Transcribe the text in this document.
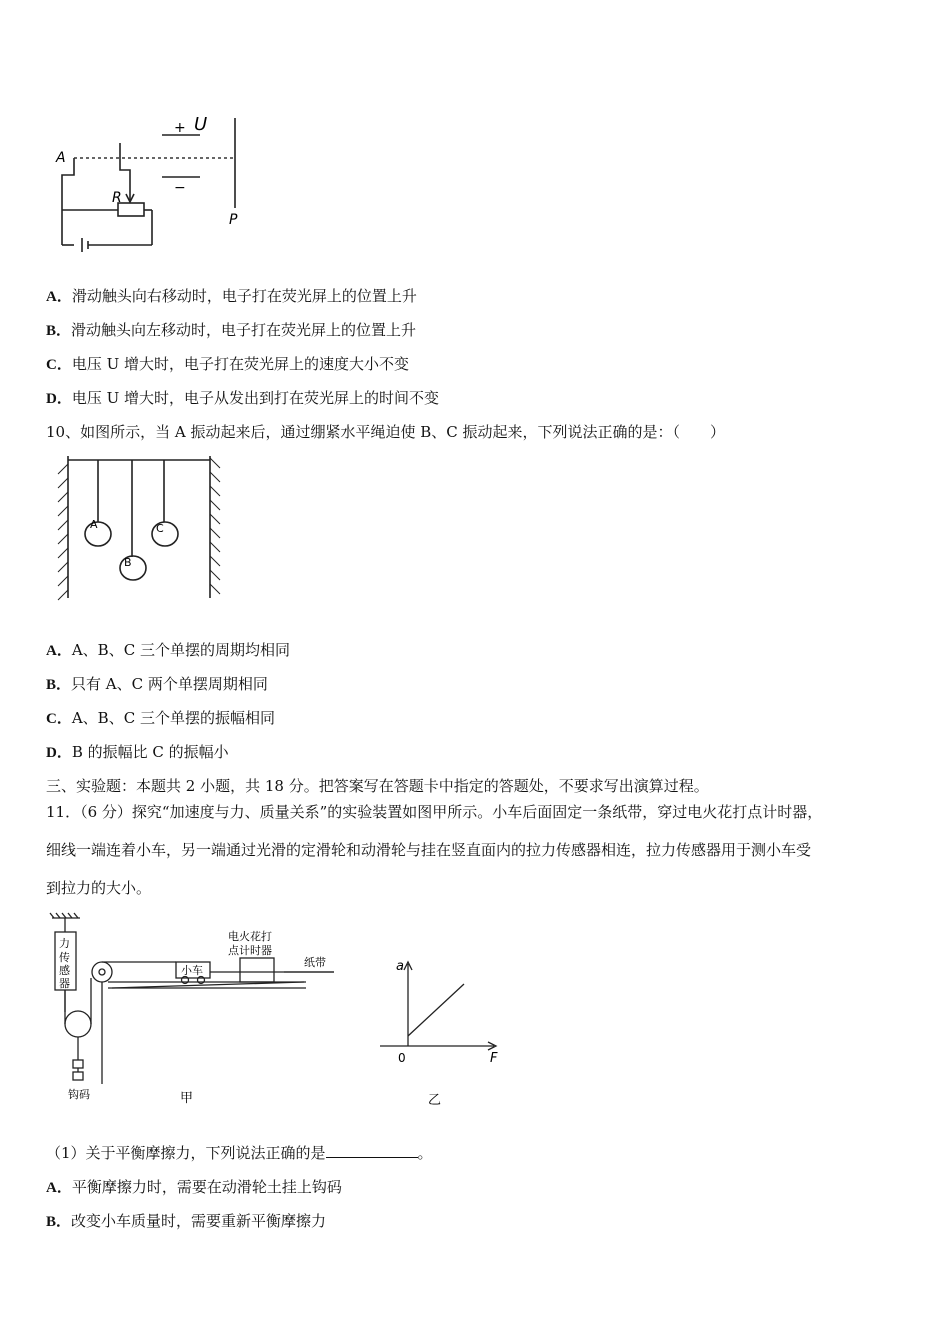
A
R
+ U
−
P
A．滑动触头向右移动时，电子打在荧光屏上的位置上升
B．滑动触头向左移动时，电子打在荧光屏上的位置上升
C．电压 U 增大时，电子打在荧光屏上的速度大小不变
D．电压 U 增大时，电子从发出到打在荧光屏上的时间不变
10、如图所示，当 A 振动起来后，通过绷紧水平绳迫使 B、C 振动起来，下列说法正确的是：（　　）
A
B
C
A．A、B、C 三个单摆的周期均相同
B．只有 A、C 两个单摆周期相同
C．A、B、C 三个单摆的振幅相同
D．B 的振幅比 C 的振幅小
三、实验题：本题共 2 小题，共 18 分。把答案写在答题卡中指定的答题处，不要求写出演算过程。
11．（6 分）探究“加速度与力、质量关系”的实验装置如图甲所示。小车后面固定一条纸带，穿过电火花打点计时器，
细线一端连着小车，另一端通过光滑的定滑轮和动滑轮与挂在竖直面内的拉力传感器相连，拉力传感器用于测小车受
到拉力的大小。
力
传
感
器
小车
电火花打
点计时器
纸带
钩码	甲
a
F
0
乙
（1）关于平衡摩擦力，下列说法正确的是	。
A．平衡摩擦力时，需要在动滑轮土挂上钩码
B．改变小车质量时，需要重新平衡摩擦力
